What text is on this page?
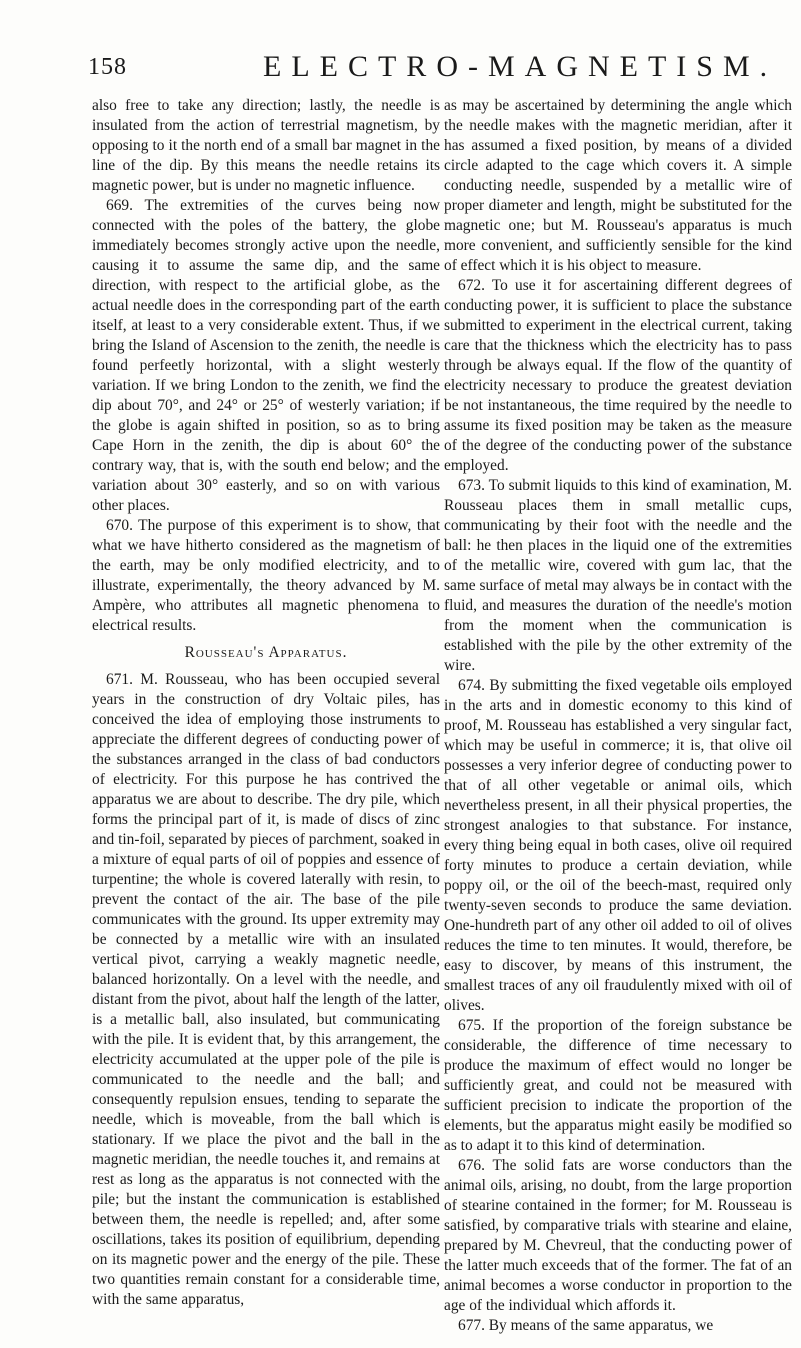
158	ELECTRO-MAGNETISM.

also free to take any direction; lastly, the needle is insulated from the action of terrestrial magnetism, by opposing to it the north end of a small bar magnet in the line of the dip. By this means the needle retains its magnetic power, but is under no magnetic influence.

669. The extremities of the curves being now connected with the poles of the battery, the globe immediately becomes strongly active upon the needle, causing it to assume the same dip, and the same direction, with respect to the artificial globe, as the actual needle does in the corresponding part of the earth itself, at least to a very considerable extent. Thus, if we bring the Island of Ascension to the zenith, the needle is found perfeetly horizontal, with a slight westerly variation. If we bring London to the zenith, we find the dip about 70°, and 24° or 25° of westerly variation; if the globe is again shifted in position, so as to bring Cape Horn in the zenith, the dip is about 60° the contrary way, that is, with the south end below; and the variation about 30° easterly, and so on with various other places.

670. The purpose of this experiment is to show, that what we have hitherto considered as the magnetism of the earth, may be only modified electricity, and to illustrate, experimentally, the theory advanced by M. Ampère, who attributes all magnetic phenomena to electrical results.

Rousseau's Apparatus.

671. M. Rousseau, who has been occupied several years in the construction of dry Voltaic piles, has conceived the idea of employing those instruments to appreciate the different degrees of conducting power of the substances arranged in the class of bad conductors of electricity. For this purpose he has contrived the apparatus we are about to describe. The dry pile, which forms the principal part of it, is made of discs of zinc and tin-foil, separated by pieces of parchment, soaked in a mixture of equal parts of oil of poppies and essence of turpentine; the whole is covered laterally with resin, to prevent the contact of the air. The base of the pile communicates with the ground. Its upper extremity may be connected by a metallic wire with an insulated vertical pivot, carrying a weakly magnetic needle, balanced horizontally. On a level with the needle, and distant from the pivot, about half the length of the latter, is a metallic ball, also insulated, but communicating with the pile. It is evident that, by this arrangement, the electricity accumulated at the upper pole of the pile is communicated to the needle and the ball; and consequently repulsion ensues, tending to separate the needle, which is moveable, from the ball which is stationary. If we place the pivot and the ball in the magnetic meridian, the needle touches it, and remains at rest as long as the apparatus is not connected with the pile; but the instant the communication is established between them, the needle is repelled; and, after some oscillations, takes its position of equilibrium, depending on its magnetic power and the energy of the pile. These two quantities remain constant for a considerable time, with the same apparatus,

as may be ascertained by determining the angle which the needle makes with the magnetic meridian, after it has assumed a fixed position, by means of a divided circle adapted to the cage which covers it. A simple conducting needle, suspended by a metallic wire of proper diameter and length, might be substituted for the magnetic one; but M. Rousseau's apparatus is much more convenient, and sufficiently sensible for the kind of effect which it is his object to measure.

672. To use it for ascertaining different degrees of conducting power, it is sufficient to place the substance submitted to experiment in the electrical current, taking care that the thickness which the electricity has to pass through be always equal. If the flow of the quantity of electricity necessary to produce the greatest deviation be not instantaneous, the time required by the needle to assume its fixed position may be taken as the measure of the degree of the conducting power of the substance employed.

673. To submit liquids to this kind of examination, M. Rousseau places them in small metallic cups, communicating by their foot with the needle and the ball: he then places in the liquid one of the extremities of the metallic wire, covered with gum lac, that the same surface of metal may always be in contact with the fluid, and measures the duration of the needle's motion from the moment when the communication is established with the pile by the other extremity of the wire.

674. By submitting the fixed vegetable oils employed in the arts and in domestic economy to this kind of proof, M. Rousseau has established a very singular fact, which may be useful in commerce; it is, that olive oil possesses a very inferior degree of conducting power to that of all other vegetable or animal oils, which nevertheless present, in all their physical properties, the strongest analogies to that substance. For instance, every thing being equal in both cases, olive oil required forty minutes to produce a certain deviation, while poppy oil, or the oil of the beech-mast, required only twenty-seven seconds to produce the same deviation. One-hundreth part of any other oil added to oil of olives reduces the time to ten minutes. It would, therefore, be easy to discover, by means of this instrument, the smallest traces of any oil fraudulently mixed with oil of olives.

675. If the proportion of the foreign substance be considerable, the difference of time necessary to produce the maximum of effect would no longer be sufficiently great, and could not be measured with sufficient precision to indicate the proportion of the elements, but the apparatus might easily be modified so as to adapt it to this kind of determination.

676. The solid fats are worse conductors than the animal oils, arising, no doubt, from the large proportion of stearine contained in the former; for M. Rousseau is satisfied, by comparative trials with stearine and elaine, prepared by M. Chevreul, that the conducting power of the latter much exceeds that of the former. The fat of an animal becomes a worse conductor in proportion to the age of the individual which affords it.

677. By means of the same apparatus, we
